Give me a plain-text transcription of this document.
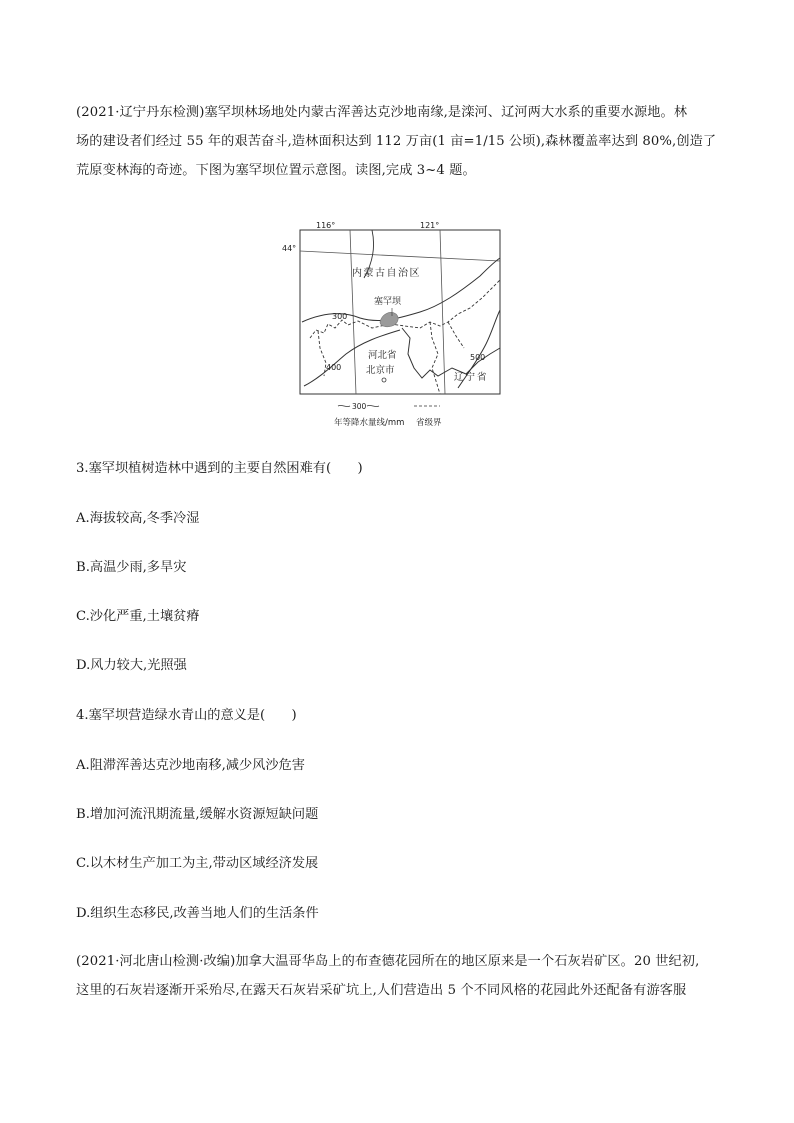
(2021·辽宁丹东检测)塞罕坝林场地处内蒙古浑善达克沙地南缘,是滦河、辽河两大水系的重要水源地。林

场的建设者们经过 55 年的艰苦奋斗,造林面积达到 112 万亩(1 亩=1/15 公顷),森林覆盖率达到 80%,创造了

荒原变林海的奇迹。下图为塞罕坝位置示意图。读图,完成 3~4 题。

116°	121°
44°
内蒙古自治区
塞罕坝
河北省
北京市
辽宁省
300
400
500
300
年等降水量线/mm 省级界
3.塞罕坝植树造林中遇到的主要自然困难有(　　)
A.海拔较高,冬季冷湿
B.高温少雨,多旱灾
C.沙化严重,土壤贫瘠
D.风力较大,光照强
4.塞罕坝营造绿水青山的意义是(　　)
A.阻滞浑善达克沙地南移,减少风沙危害
B.增加河流汛期流量,缓解水资源短缺问题
C.以木材生产加工为主,带动区域经济发展
D.组织生态移民,改善当地人们的生活条件

(2021·河北唐山检测·改编)加拿大温哥华岛上的布查德花园所在的地区原来是一个石灰岩矿区。20 世纪初,

这里的石灰岩逐渐开采殆尽,在露天石灰岩采矿坑上,人们营造出 5 个不同风格的花园此外还配备有游客服
